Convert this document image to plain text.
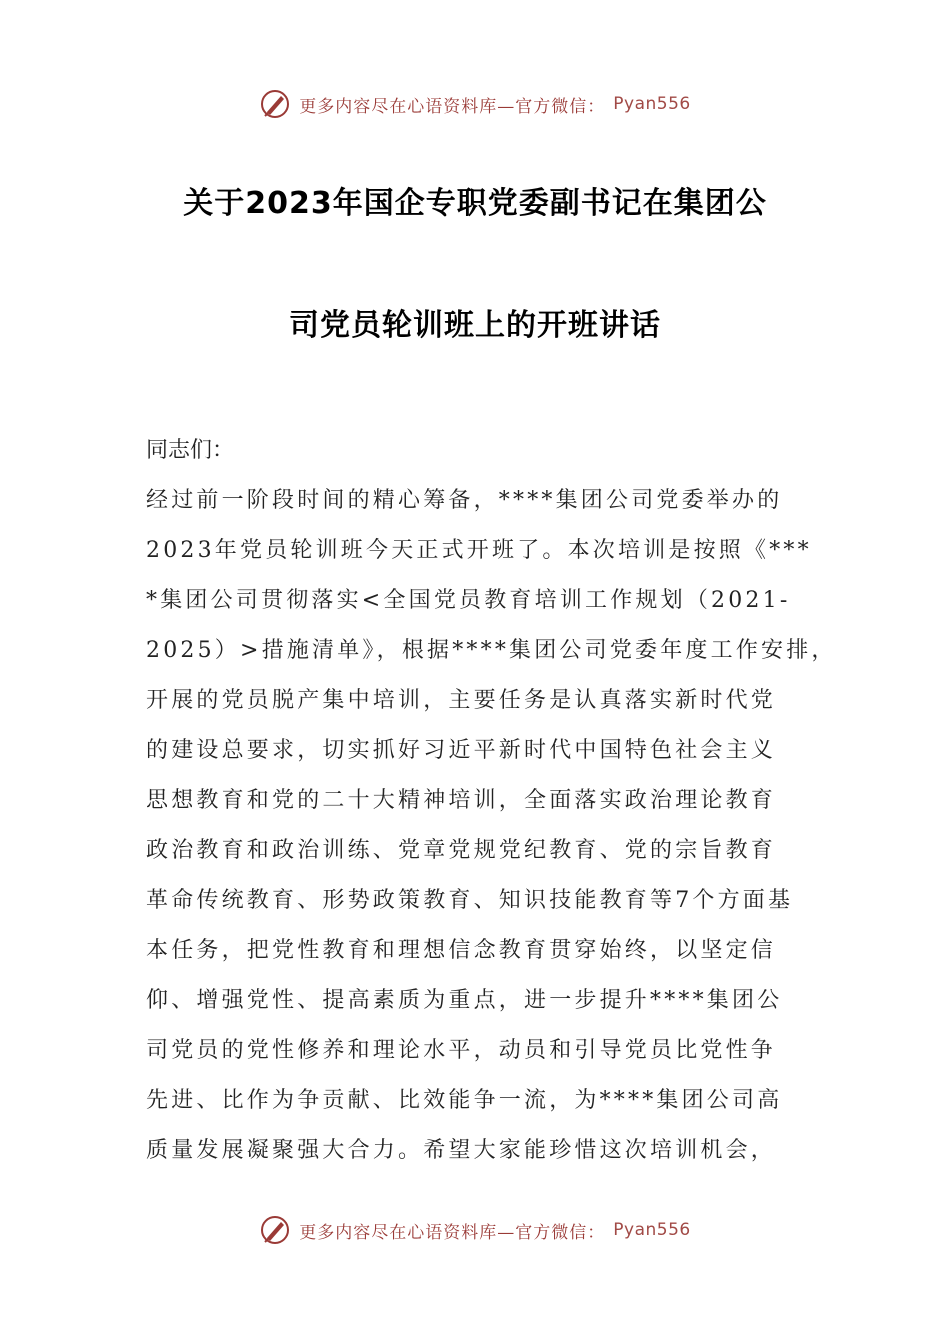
更多内容尽在心语资料库—官方微信： Pyan556
关于2023年国企专职党委副书记在集团公
司党员轮训班上的开班讲话
同志们：
经过前一阶段时间的精心筹备，****集团公司党委举办的
2023年党员轮训班今天正式开班了。本次培训是按照《***
*集团公司贯彻落实<全国党员教育培训工作规划（2021-
2025）>措施清单》，根据****集团公司党委年度工作安排，
开展的党员脱产集中培训，主要任务是认真落实新时代党
的建设总要求，切实抓好习近平新时代中国特色社会主义
思想教育和党的二十大精神培训，全面落实政治理论教育
政治教育和政治训练、党章党规党纪教育、党的宗旨教育
革命传统教育、形势政策教育、知识技能教育等7个方面基
本任务，把党性教育和理想信念教育贯穿始终，以坚定信
仰、增强党性、提高素质为重点，进一步提升****集团公
司党员的党性修养和理论水平，动员和引导党员比党性争
先进、比作为争贡献、比效能争一流，为****集团公司高
质量发展凝聚强大合力。希望大家能珍惜这次培训机会，
更多内容尽在心语资料库—官方微信： Pyan556
